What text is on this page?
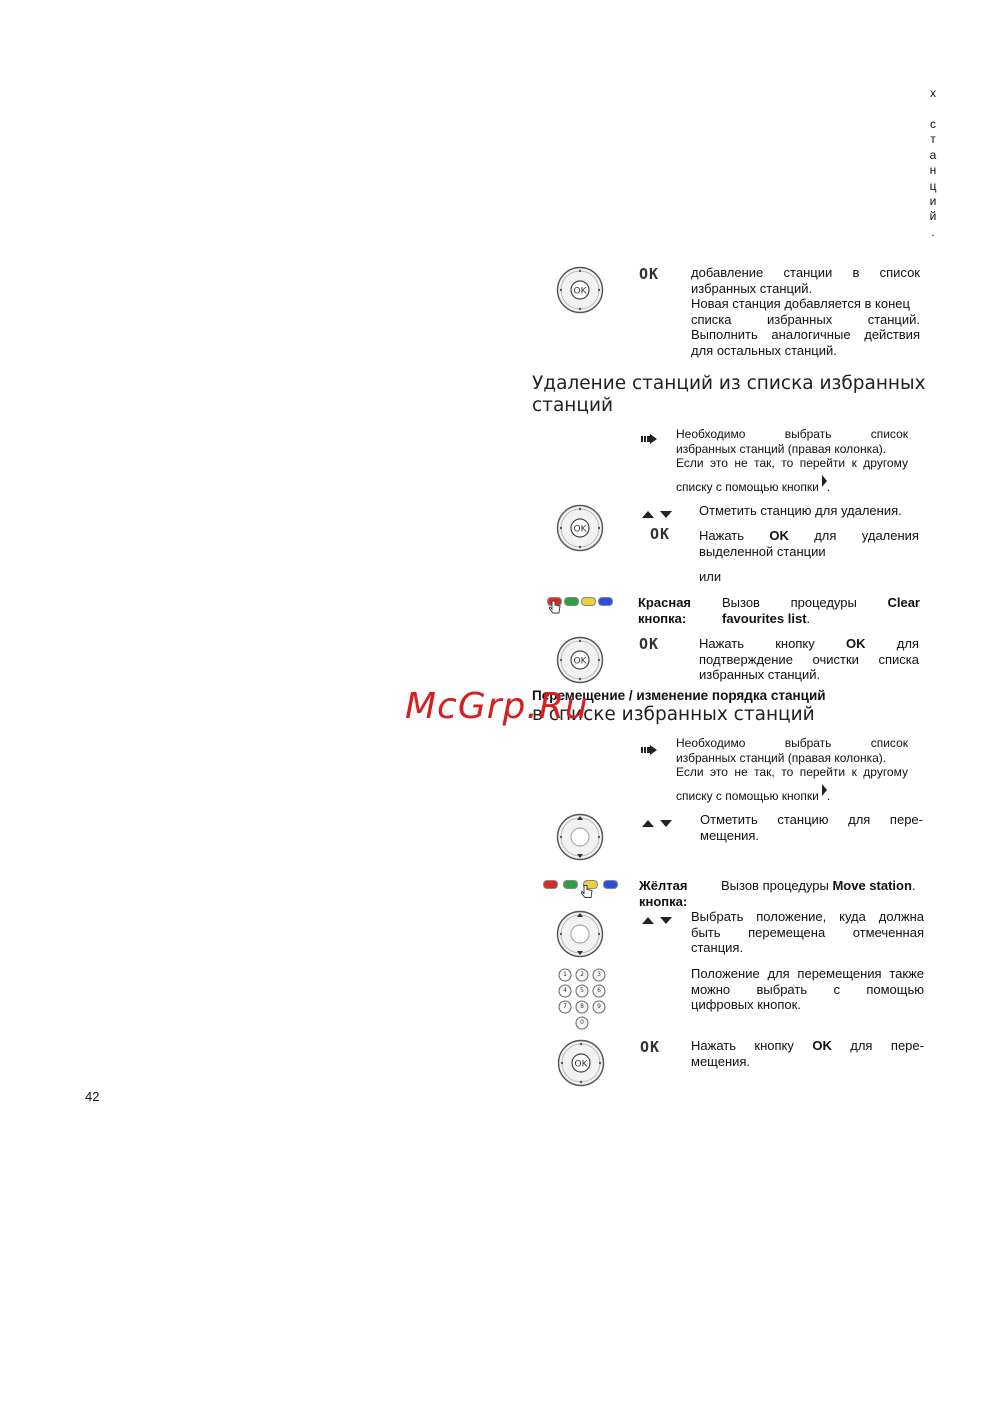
х
с
т
а
н
ц
и
й
.
OK
OK добавление станции в список
избранных станций.
Новая станция добавляется в конец
списка избранных станций.
Выполнить аналогичные действия
для остальных станций.
Удаление станций из списка избранных
станций
Необходимо выбрать список
избранных станций (правая колонка).
Если это не так, то перейти к другому
списку с помощью кнопки .
OK
Отметить станцию для удаления.
OK Нажать OK для удаления
выделенной станции
или
Красная
кнопка:
Вызов процедуры Clear
favourites list.
OK
OK	Нажать кнопку OK для
подтверждение очистки списка
избранных станций.
Перемещение / изменение порядка станций
в списке избранных станций
McGrp.Ru
Необходимо выбрать список
избранных станций (правая колонка).
Если это не так, то перейти к другому
списку с помощью кнопки .
Отметить станцию для пере-
мещения.
Жёлтая
кнопка:
Вызов процедуры Move station.
Выбрать положение, куда должна
быть перемещена отмеченная
станция.
1 2 3
4 5 6
7 8 9
0
Положение для перемещения также
можно выбрать с помощью
цифровых кнопок.
OK
OK Нажать кнопку OK для пере-
мещения.
42
